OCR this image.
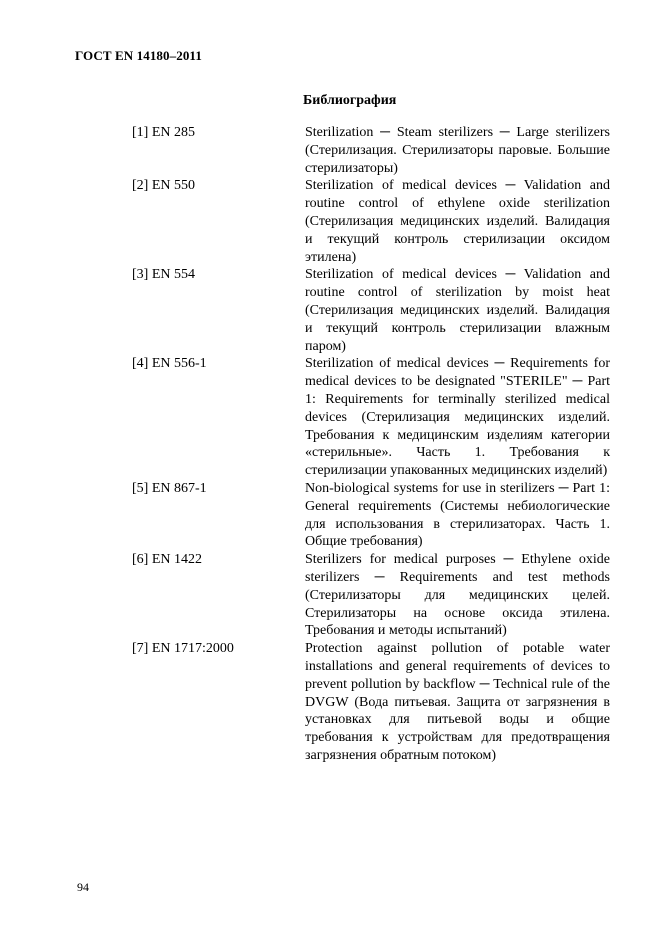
ГОСТ EN 14180–2011
Библиография
[1] EN 285	Sterilization ─ Steam sterilizers ─ Large sterilizers (Стерилизация. Стерилизаторы паровые. Большие стерилизаторы)
[2] EN 550	Sterilization of medical devices ─ Validation and routine control of ethylene oxide sterilization (Стерилизация медицинских изделий. Валидация и текущий контроль стерилизации оксидом этилена)
[3] EN 554	Sterilization of medical devices ─ Validation and routine control of sterilization by moist heat (Стерилизация медицинских изделий. Валидация и текущий контроль стерилизации влажным паром)
[4] EN 556-1	Sterilization of medical devices ─ Requirements for medical devices to be designated "STERILE" ─ Part 1: Requirements for terminally sterilized medical devices (Стерилизация медицинских изделий. Требования к медицинским изделиям категории «стерильные». Часть 1. Требования к стерилизации упакованных медицинских изделий)
[5] EN 867-1	Non-biological systems for use in sterilizers ─ Part 1: General requirements (Системы небиологические для использования в стерилизаторах. Часть 1. Общие требования)
[6] EN 1422	Sterilizers for medical purposes ─ Ethylene oxide sterilizers ─ Requirements and test methods (Стерилизаторы для медицинских целей. Стерилизаторы на основе оксида этилена. Требования и методы испытаний)
[7] EN 1717:2000	Protection against pollution of potable water installations and general requirements of devices to prevent pollution by backflow ─ Technical rule of the DVGW (Вода питьевая. Защита от загрязнения в установках для питьевой воды и общие требования к устройствам для предотвращения загрязнения обратным потоком)
94
